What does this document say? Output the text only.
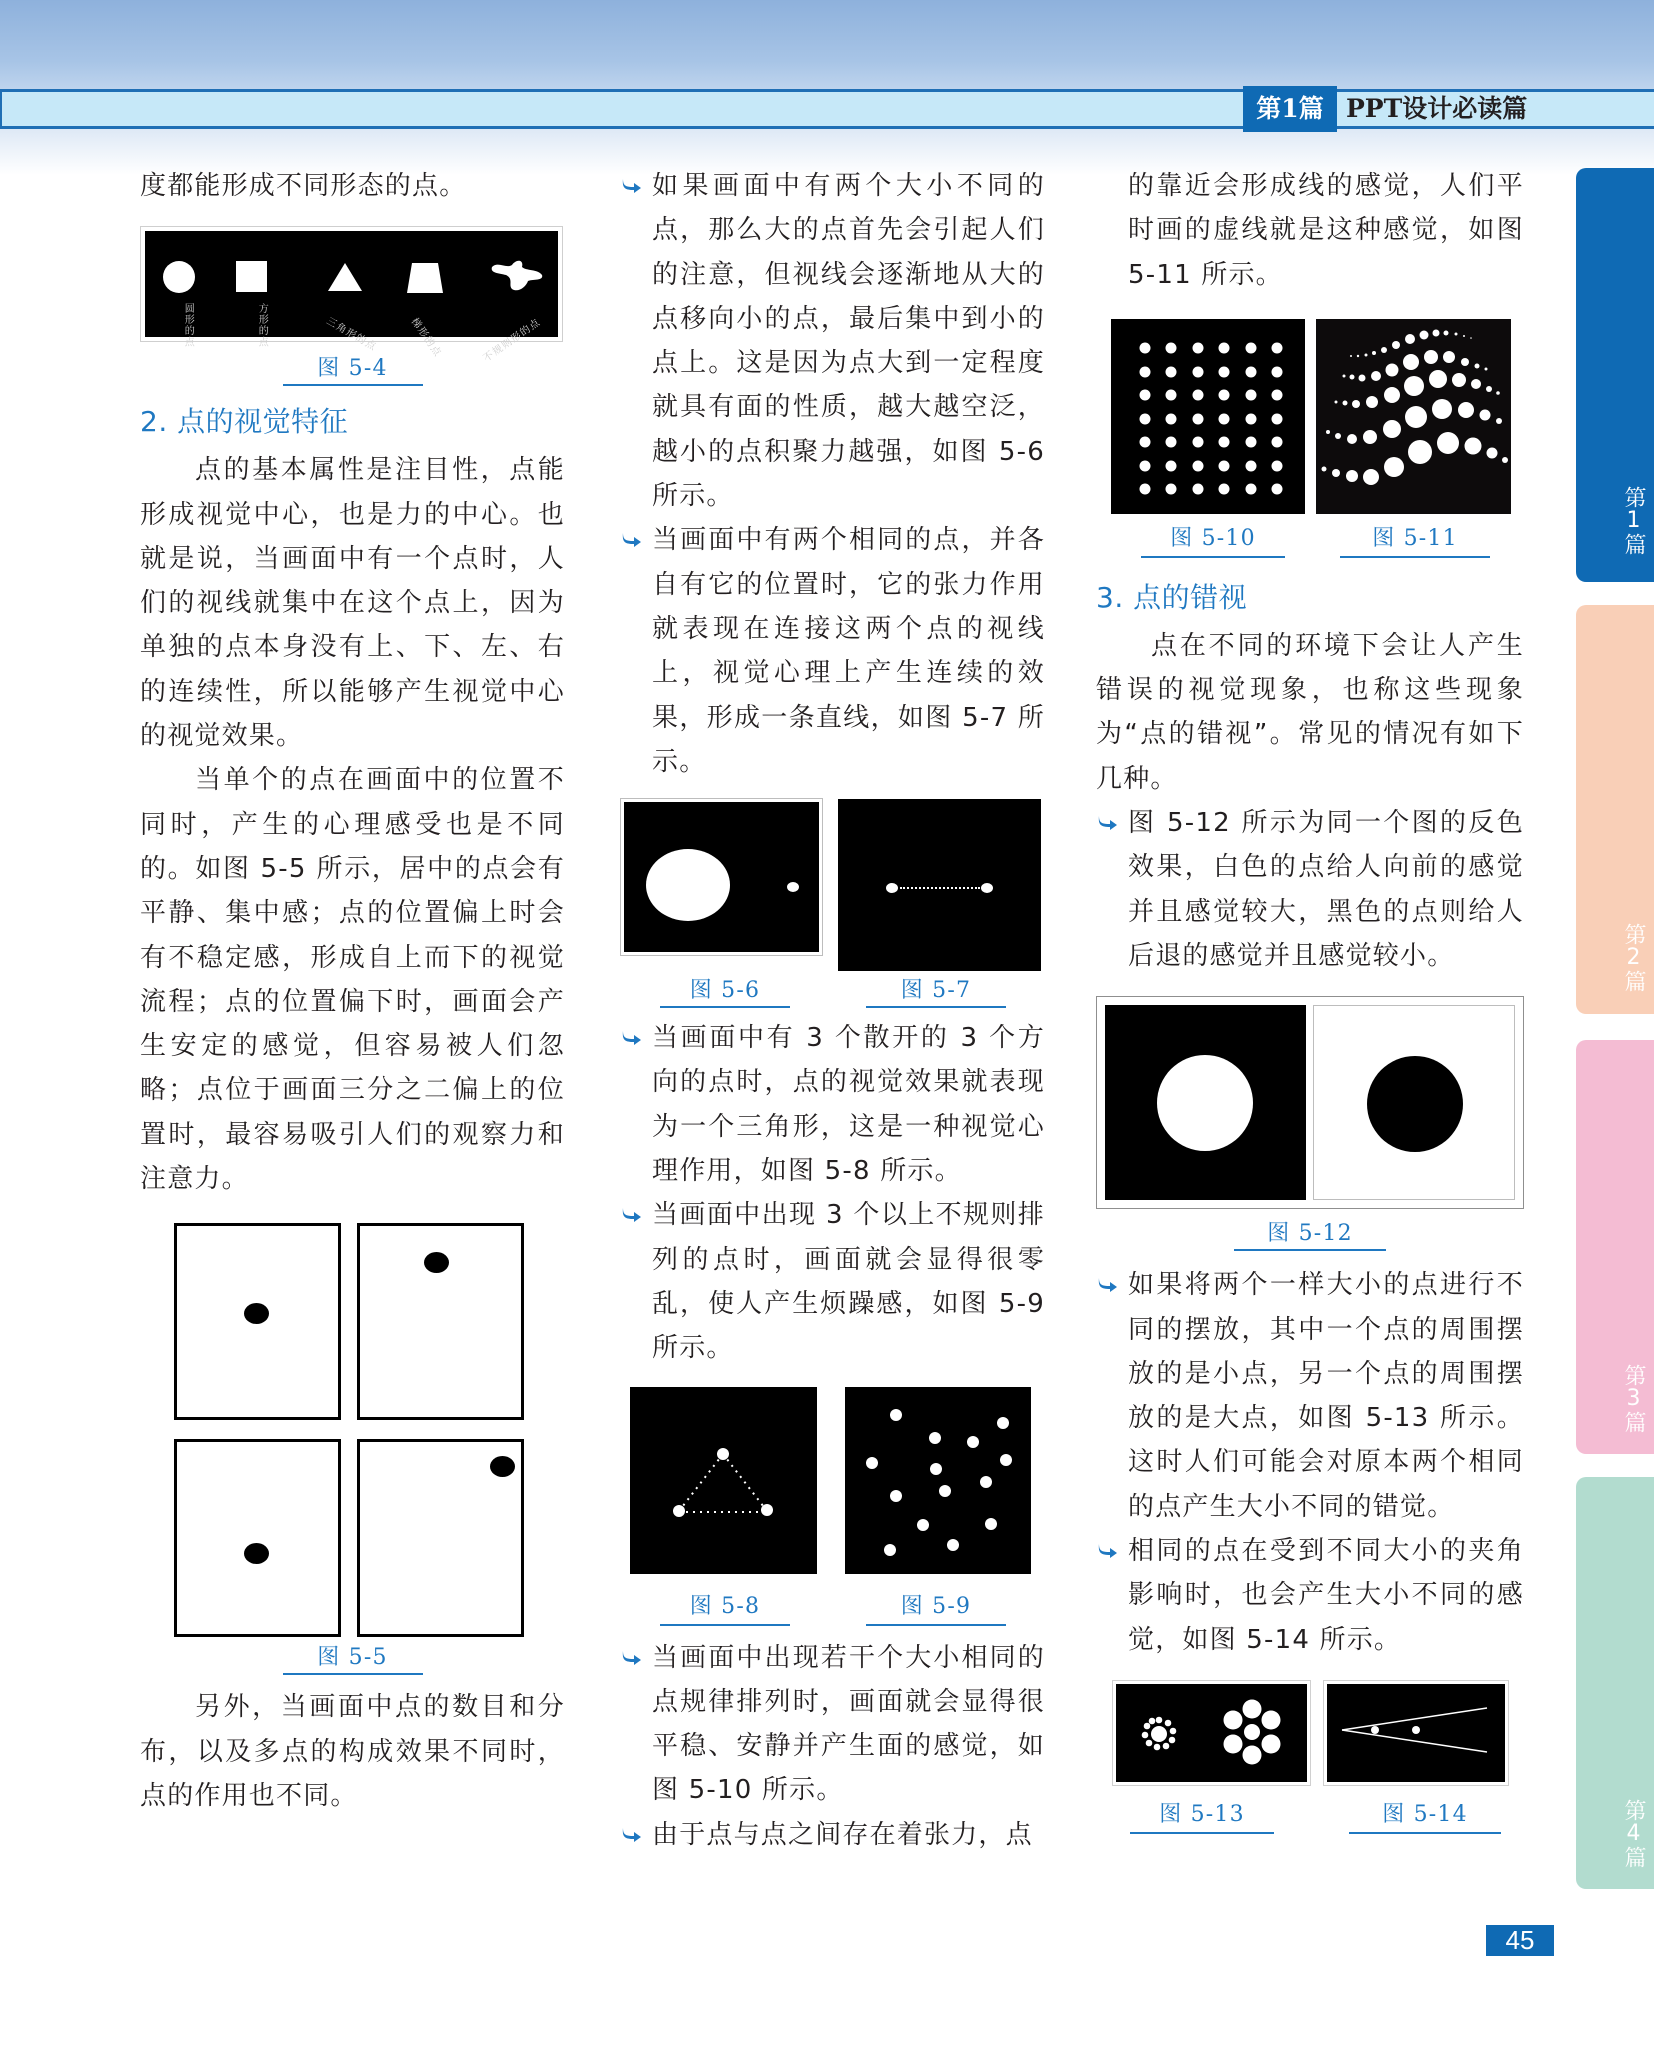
第1篇 PPT设计必读篇
第1篇
第2篇
第3篇
第4篇
度都能形成不同形态的点。
圆形的点	方形的点	三角形的点	梯形的点	不规则形的点
图 5-4
2. 点的视觉特征
点的基本属性是注目性，点能形成视觉中心，也是力的中心。也就是说，当画面中有一个点时，人们的视线就集中在这个点上，因为单独的点本身没有上、下、左、右的连续性，所以能够产生视觉中心的视觉效果。
当单个的点在画面中的位置不同时，产生的心理感受也是不同的。如图 5-5 所示，居中的点会有平静、集中感；点的位置偏上时会有不稳定感，形成自上而下的视觉流程；点的位置偏下时，画面会产生安定的感觉，但容易被人们忽略；点位于画面三分之二偏上的位置时，最容易吸引人们的观察力和注意力。
图 5-5
另外，当画面中点的数目和分布，以及多点的构成效果不同时，点的作用也不同。
如果画面中有两个大小不同的点，那么大的点首先会引起人们的注意，但视线会逐渐地从大的点移向小的点，最后集中到小的点上。这是因为点大到一定程度就具有面的性质，越大越空泛，越小的点积聚力越强，如图 5-6 所示。
当画面中有两个相同的点，并各自有它的位置时，它的张力作用就表现在连接这两个点的视线上，视觉心理上产生连续的效果，形成一条直线，如图 5-7 所示。
图 5-6	图 5-7
当画面中有 3 个散开的 3 个方向的点时，点的视觉效果就表现为一个三角形，这是一种视觉心理作用，如图 5-8 所示。
当画面中出现 3 个以上不规则排列的点时，画面就会显得很零乱，使人产生烦躁感，如图 5-9 所示。
图 5-8	图 5-9
当画面中出现若干个大小相同的点规律排列时，画面就会显得很平稳、安静并产生面的感觉，如图 5-10 所示。
由于点与点之间存在着张力，点
的靠近会形成线的感觉，人们平时画的虚线就是这种感觉，如图 5-11 所示。
图 5-10	图 5-11
3. 点的错视
点在不同的环境下会让人产生错误的视觉现象，也称这些现象为“点的错视”。常见的情况有如下几种。
图 5-12 所示为同一个图的反色效果，白色的点给人向前的感觉并且感觉较大，黑色的点则给人后退的感觉并且感觉较小。
图 5-12
如果将两个一样大小的点进行不同的摆放，其中一个点的周围摆放的是小点，另一个点的周围摆放的是大点，如图 5-13 所示。这时人们可能会对原本两个相同的点产生大小不同的错觉。
相同的点在受到不同大小的夹角影响时，也会产生大小不同的感觉，如图 5-14 所示。
图 5-13	图 5-14
45
